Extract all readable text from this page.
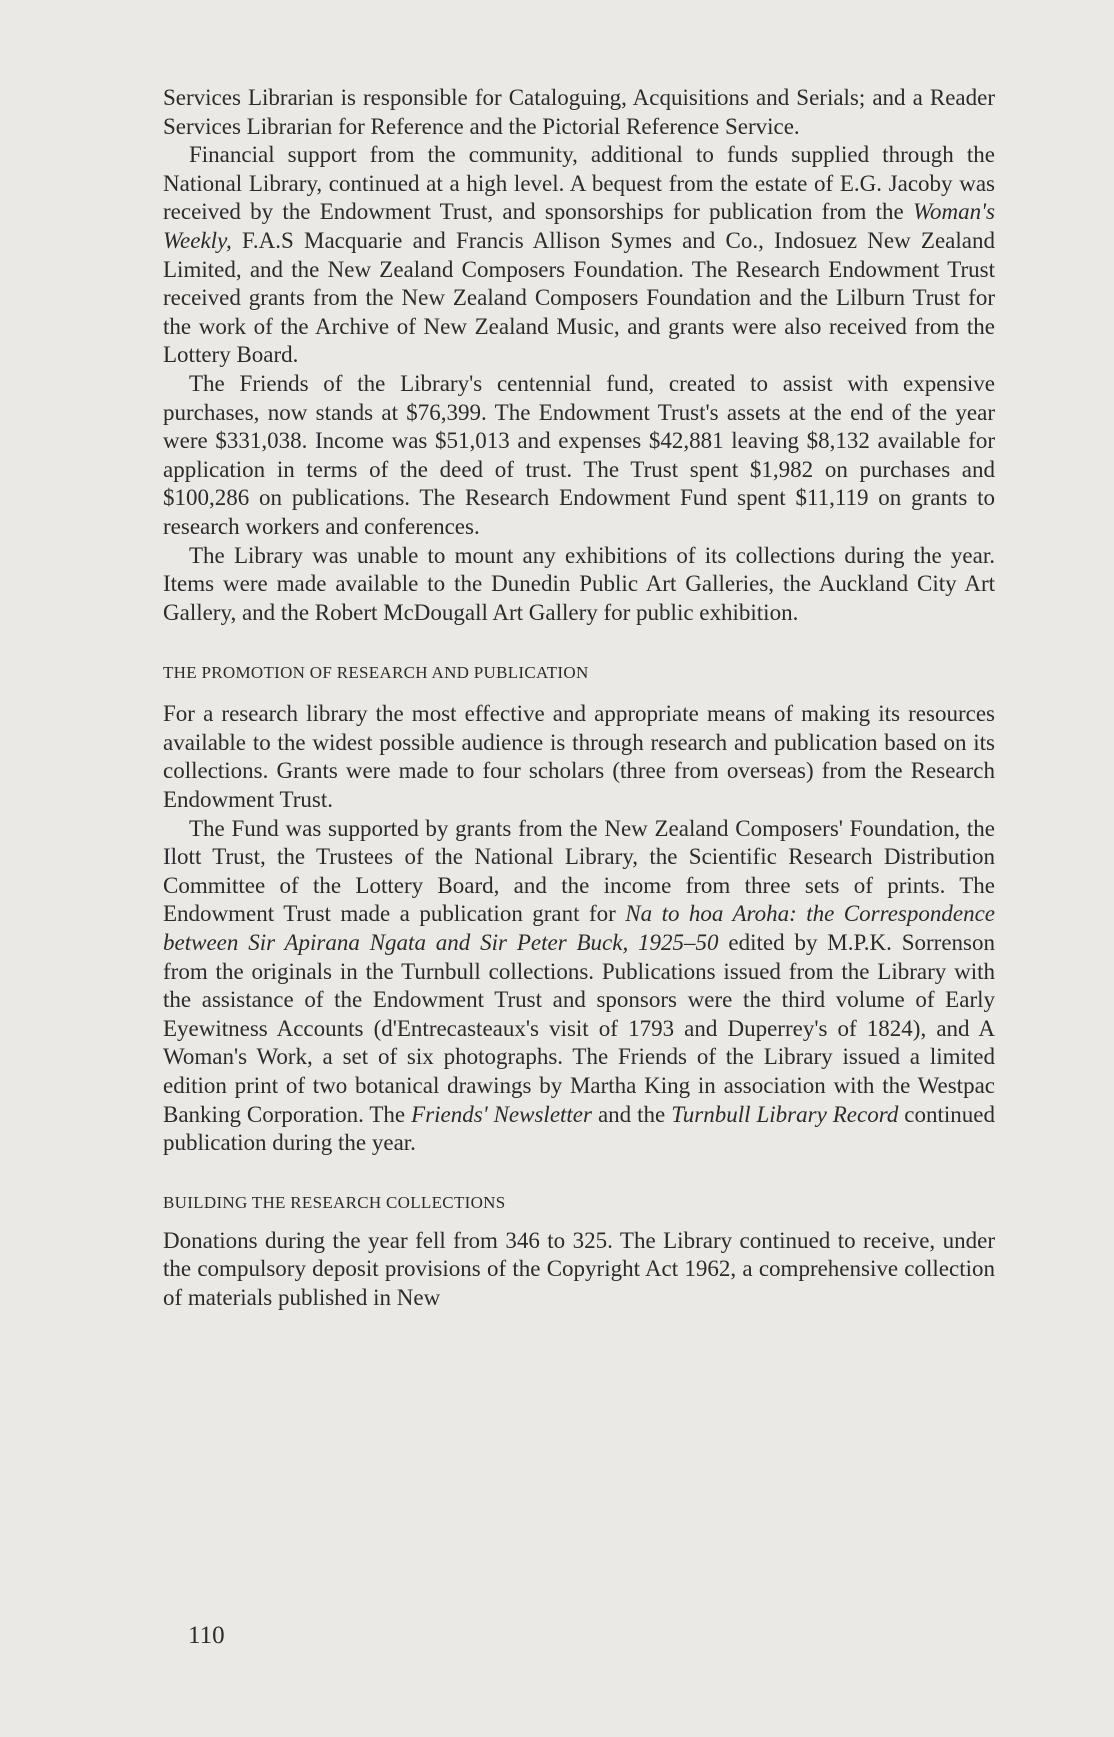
Services Librarian is responsible for Cataloguing, Acquisitions and Serials; and a Reader Services Librarian for Reference and the Pictorial Reference Service.

Financial support from the community, additional to funds supplied through the National Library, continued at a high level. A bequest from the estate of E.G. Jacoby was received by the Endowment Trust, and sponsorships for publication from the Woman's Weekly, F.A.S Macquarie and Francis Allison Symes and Co., Indosuez New Zealand Limited, and the New Zealand Composers Foundation. The Research Endowment Trust received grants from the New Zealand Composers Foundation and the Lilburn Trust for the work of the Archive of New Zealand Music, and grants were also received from the Lottery Board.

The Friends of the Library's centennial fund, created to assist with expensive purchases, now stands at $76,399. The Endowment Trust's assets at the end of the year were $331,038. Income was $51,013 and expenses $42,881 leaving $8,132 available for application in terms of the deed of trust. The Trust spent $1,982 on purchases and $100,286 on publications. The Research Endowment Fund spent $11,119 on grants to research workers and conferences.

The Library was unable to mount any exhibitions of its collections during the year. Items were made available to the Dunedin Public Art Galleries, the Auckland City Art Gallery, and the Robert McDougall Art Gallery for public exhibition.

THE PROMOTION OF RESEARCH AND PUBLICATION

For a research library the most effective and appropriate means of making its resources available to the widest possible audience is through research and publication based on its collections. Grants were made to four scholars (three from overseas) from the Research Endowment Trust.

The Fund was supported by grants from the New Zealand Composers' Foundation, the Ilott Trust, the Trustees of the National Library, the Scientific Research Distribution Committee of the Lottery Board, and the income from three sets of prints. The Endowment Trust made a publication grant for Na to hoa Aroha: the Correspondence between Sir Apirana Ngata and Sir Peter Buck, 1925–50 edited by M.P.K. Sorrenson from the originals in the Turnbull collections. Publications issued from the Library with the assistance of the Endowment Trust and sponsors were the third volume of Early Eyewitness Accounts (d'Entrecasteaux's visit of 1793 and Duperrey's of 1824), and A Woman's Work, a set of six photographs. The Friends of the Library issued a limited edition print of two botanical drawings by Martha King in association with the Westpac Banking Corporation. The Friends' Newsletter and the Turnbull Library Record continued publication during the year.

BUILDING THE RESEARCH COLLECTIONS

Donations during the year fell from 346 to 325. The Library continued to receive, under the compulsory deposit provisions of the Copyright Act 1962, a comprehensive collection of materials published in New

110
